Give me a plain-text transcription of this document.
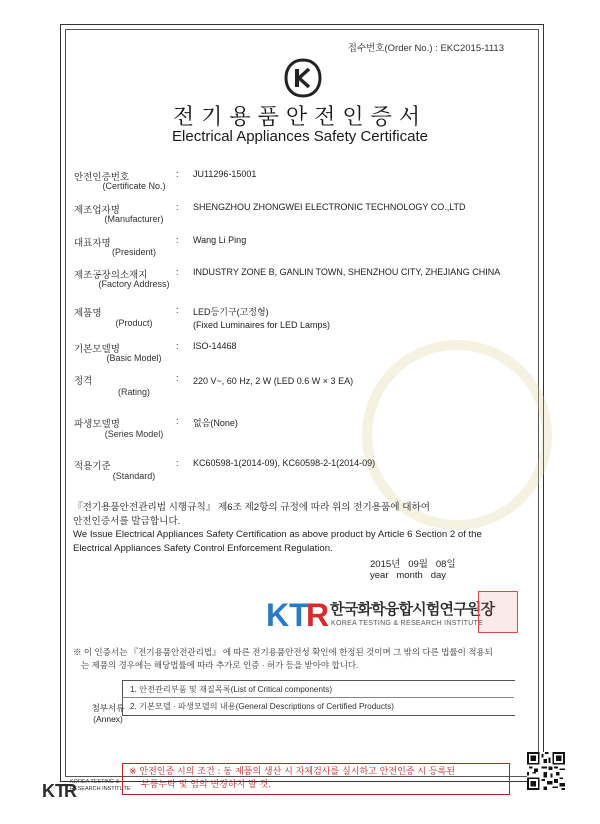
접수번호(Order No.) : EKC2015-1113
전기용품안전인증서
Electrical Appliances Safety Certificate
안전인증번호	: JU11296-15001
(Certificate No.)
제조업자명	: SHENGZHOU ZHONGWEI ELECTRONIC TECHNOLOGY CO.,LTD
(Manufacturer)
대표자명	: Wang Li Ping
(President)
제조공장의소재지	: INDUSTRY ZONE B, GANLIN TOWN, SHENZHOU CITY, ZHEJIANG CHINA
(Factory Address)
제품명	: LED등기구(고정형)
(Fixed Luminaires for LED Lamps)
(Product)
기본모델명	: ISO-14468
(Basic Model)
정격	: 220 V~, 60 Hz, 2 W (LED 0.6 W × 3 EA)
(Rating)
파생모델명	: 없음(None)
(Series Model)
적용기준	: KC60598-1(2014-09), KC60598-2-1(2014-09)
(Standard)
『전기용품안전관리법 시행규칙』 제6조 제2항의 규정에 따라 위의 전기용품에 대하여
안전인증서를 발급합니다.
We Issue Electrical Appliances Safety Certification as above product by Article 6 Section 2 of the
Electrical Appliances Safety Control Enforcement Regulation.
2015년   09월   08일
year   month   day
KT
R 한국화학융합시험연구원장
KOREA TESTING & RESEARCH INSTITUTE
※ 이 인증서는 『전기용품안전관리법』 에 따른 전기용품안전성 확인에 한정된 것이며 그 밖의 다른 법률이 적용되
는 제품의 경우에는 해당법률에 따라 추가로 인증 · 허가 등을 받아야 합니다.
첨부서류
(Annex)
1. 안전관리부품 및 재질목록(List of Critical components)
2. 기본모델 · 파생모델의 내용(General Descriptions of Certified Products)
KT
R
KOREA TESTING &
RESEARCH INSTITUTE
※ 안전인증 시의 조건 : 동 제품의 생산 시 자체검사를 실시하고 안전인증 시 등록된
부품누락 및 임의 변경하지 말 것.
